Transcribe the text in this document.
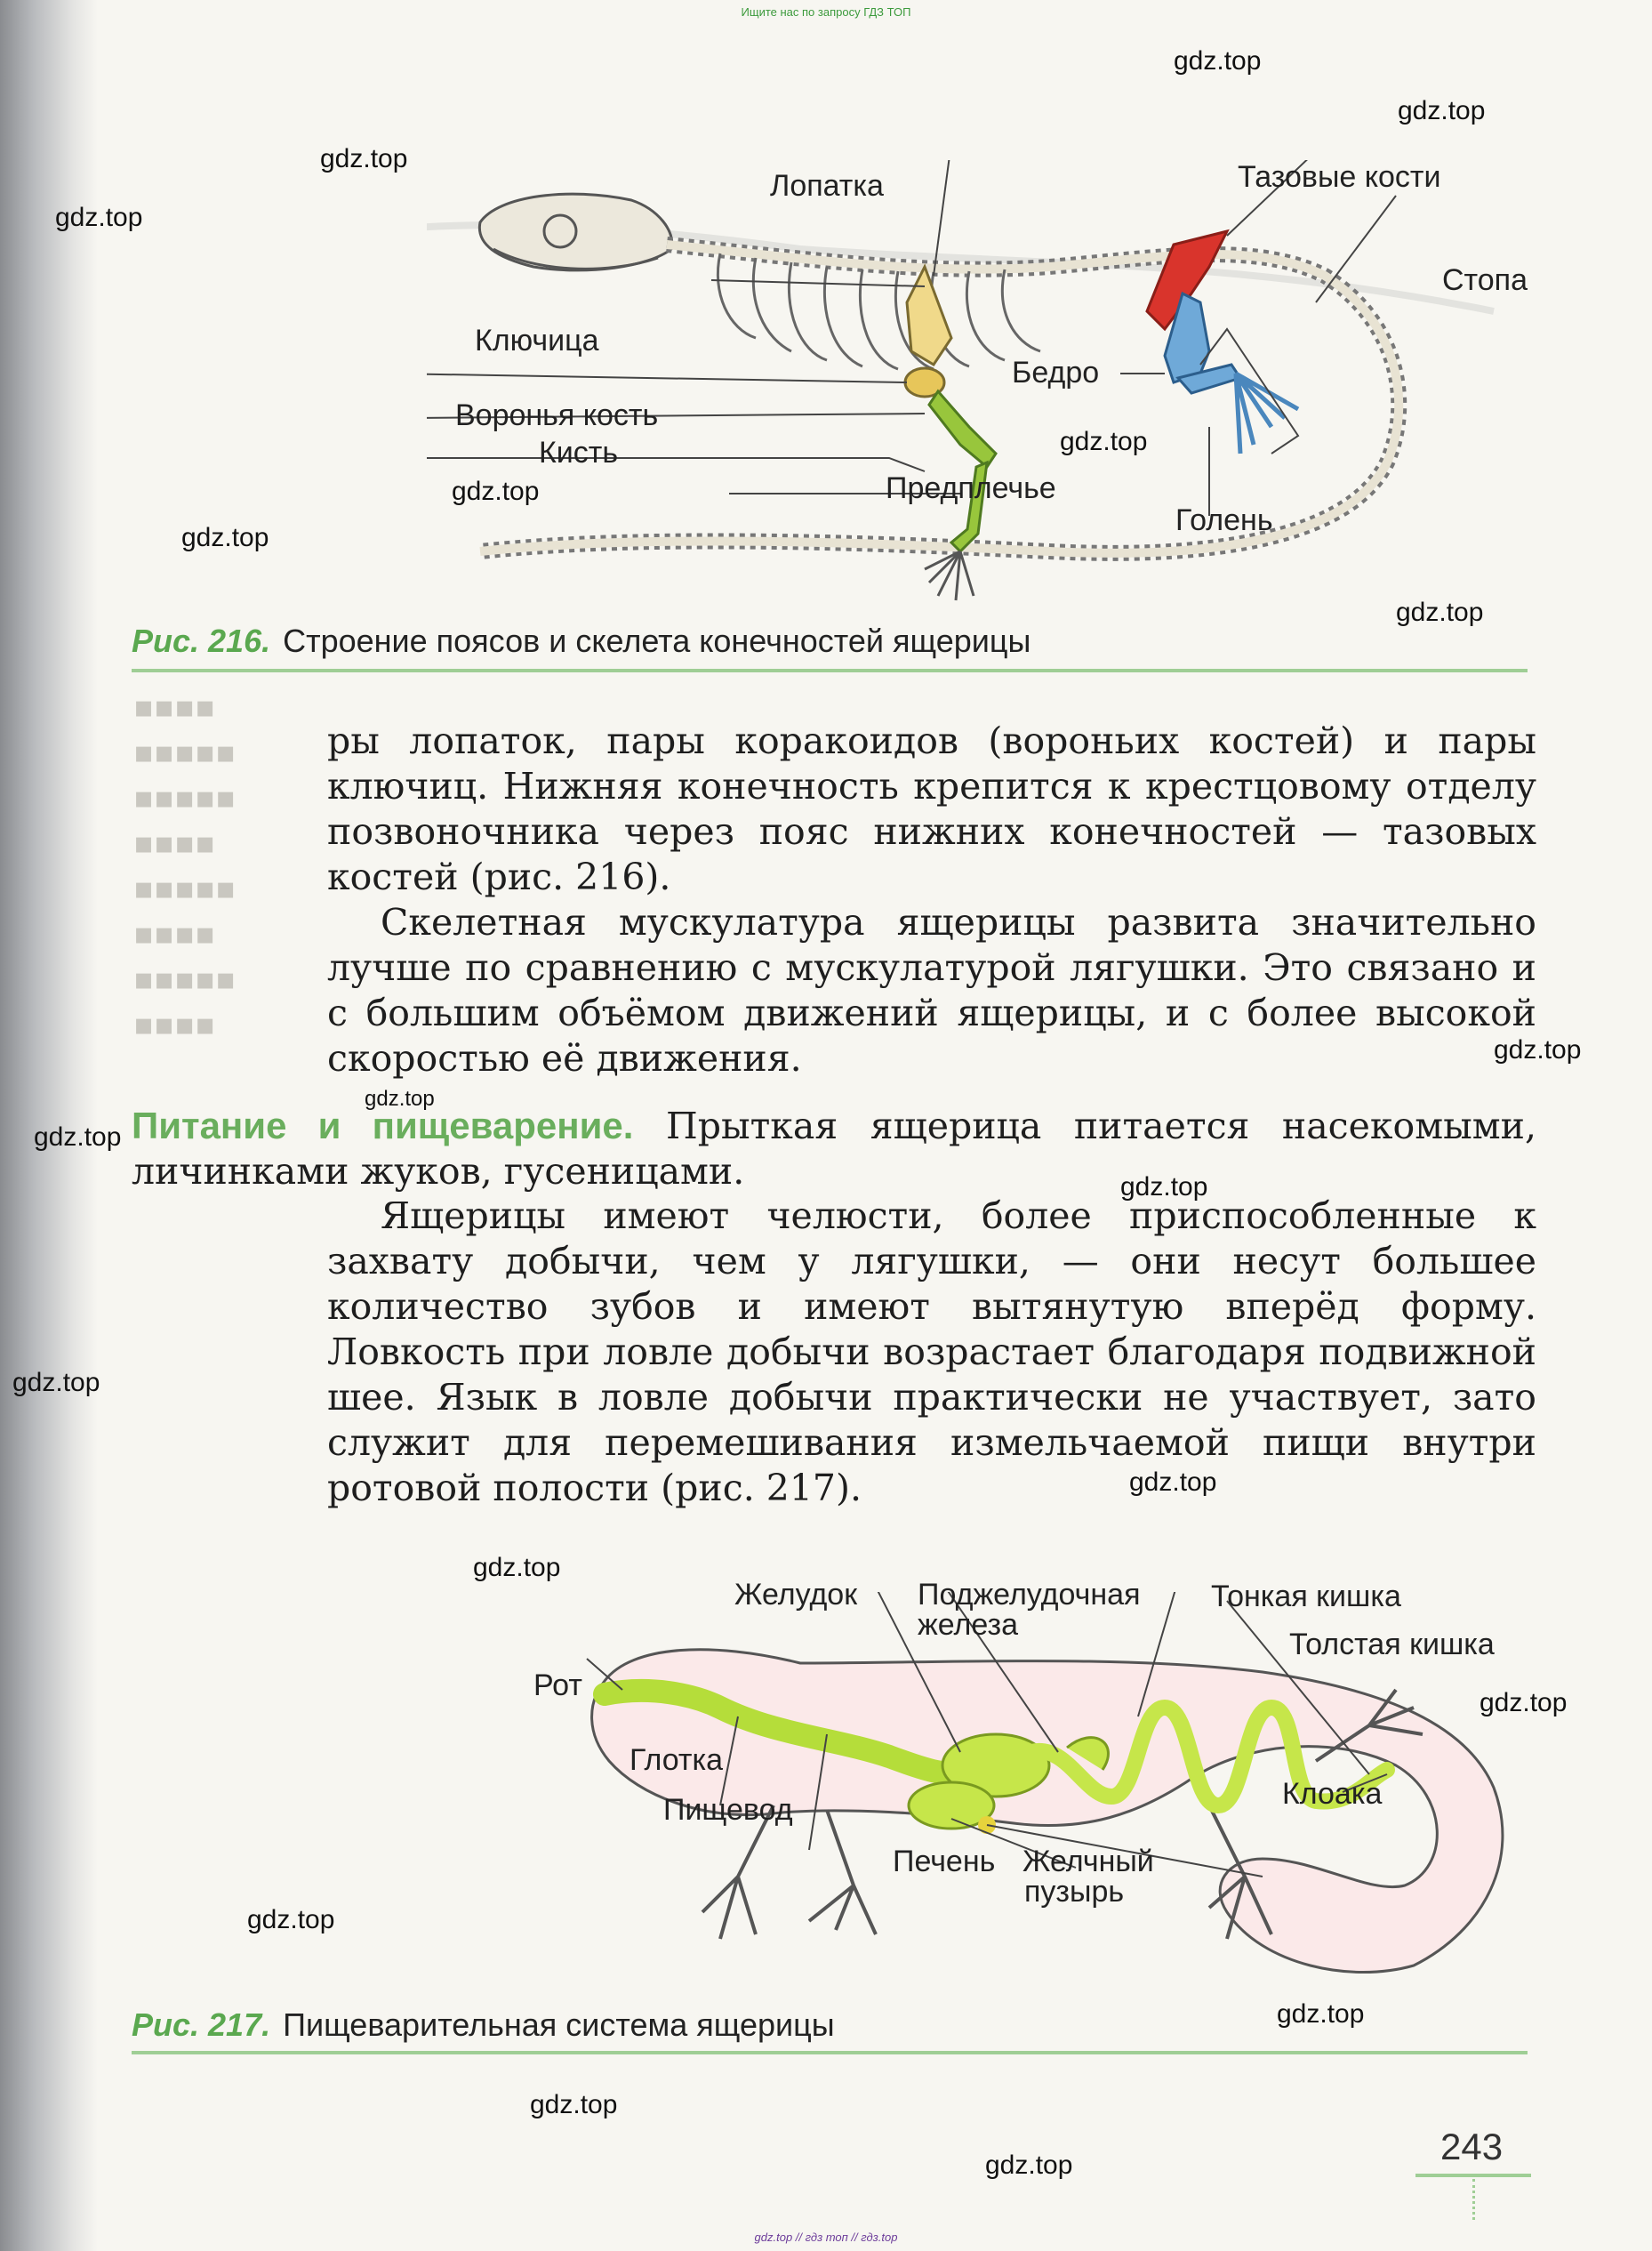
Ищите нас по запросу ГДЗ ТОП
Лопатка	Тазовые кости
Стопа
Ключица
Бедро
Воронья кость
Кисть
Предплечье
Голень
Рис. 216. Строение поясов и скелета конечностей ящерицы
▪▪▪▪
▪▪▪▪▪
▪▪▪▪▪
▪▪▪▪
▪▪▪▪▪
▪▪▪▪
▪▪▪▪▪
▪▪▪▪

ры лопаток, пары коракоидов (вороньих костей) и пары ключиц. Нижняя конечность крепится к крестцовому отделу позвоночника через пояс нижних конечностей — тазовых костей (рис. 216).

Скелетная мускулатура ящерицы развита значительно лучше по сравнению с мускулатурой лягушки. Это связано и с большим объёмом движений ящерицы, и с более высокой скоростью её движения.

Питание и пищеварение. Прыткая ящерица питается насекомыми, личинками жуков, гусеницами.

Ящерицы имеют челюсти, более приспособленные к захвату добычи, чем у лягушки, — они несут большее количество зубов и имеют вытянутую вперёд форму. Ловкость при ловле добычи возрастает благодаря подвижной шее. Язык в ловле добычи практически не участвует, зато служит для перемешивания измельчаемой пищи внутри ротовой полости (рис. 217).

Желудок Поджелудочная
железа
Тонкая кишка
Толстая кишка
Рот
Глотка
Клоака
Пищевод
Печень Желчный
пузырь
Рис. 217. Пищеварительная система ящерицы
243
gdz.top
gdz.top
gdz.top
gdz.top
gdz.top
gdz.top
gdz.top
gdz.top
gdz.top
gdz.top
gdz.top
gdz.top
gdz.top
gdz.top
gdz.top
gdz.top
gdz.top
gdz.top
gdz.top
gdz.top
gdz.top // гдз топ // гдз.top
